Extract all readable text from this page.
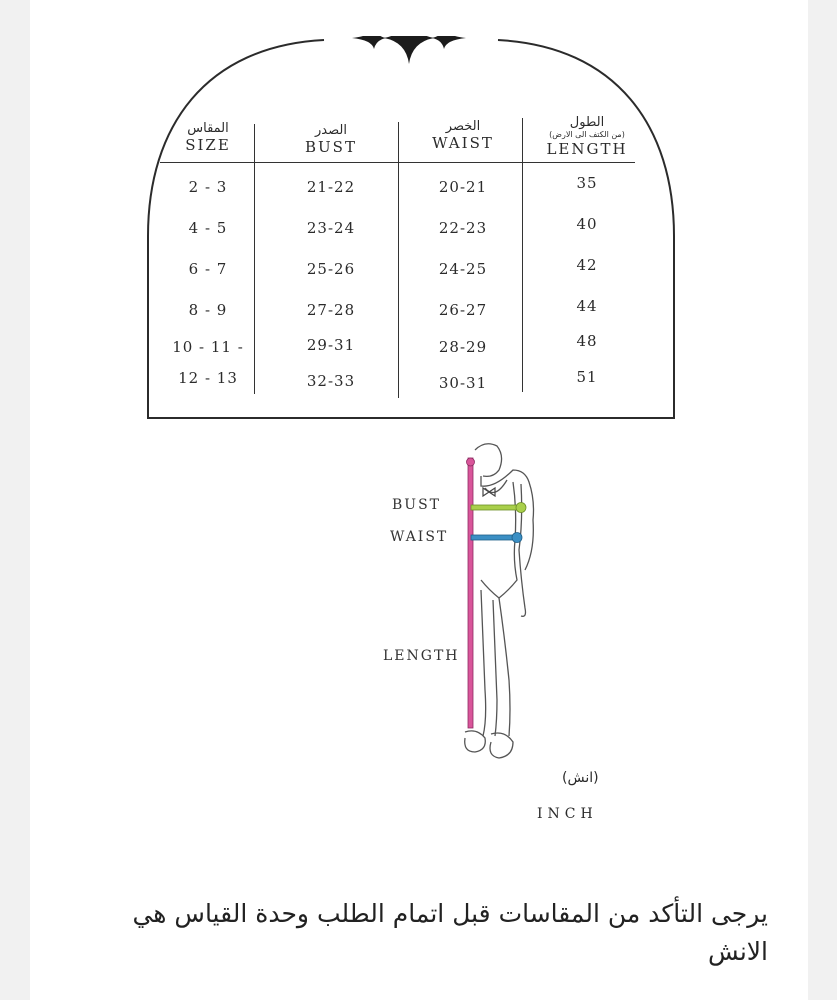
المقاس
SIZE
2 - 3
4 - 5
6 - 7
8 - 9
10 - 11 -
12 - 13
الصدر
BUST
21-22
23-24
25-26
27-28
29-31
32-33
الخصر
WAIST
20-21
22-23
24-25
26-27
28-29
30-31
الطول
(من الكتف الى الارض)
LENGTH
35
40
42
44
48
51
BUST
WAIST
LENGTH
(انش)
INCH
يرجى التأكد من المقاسات قبل اتمام الطلب وحدة القياس هي الانش
